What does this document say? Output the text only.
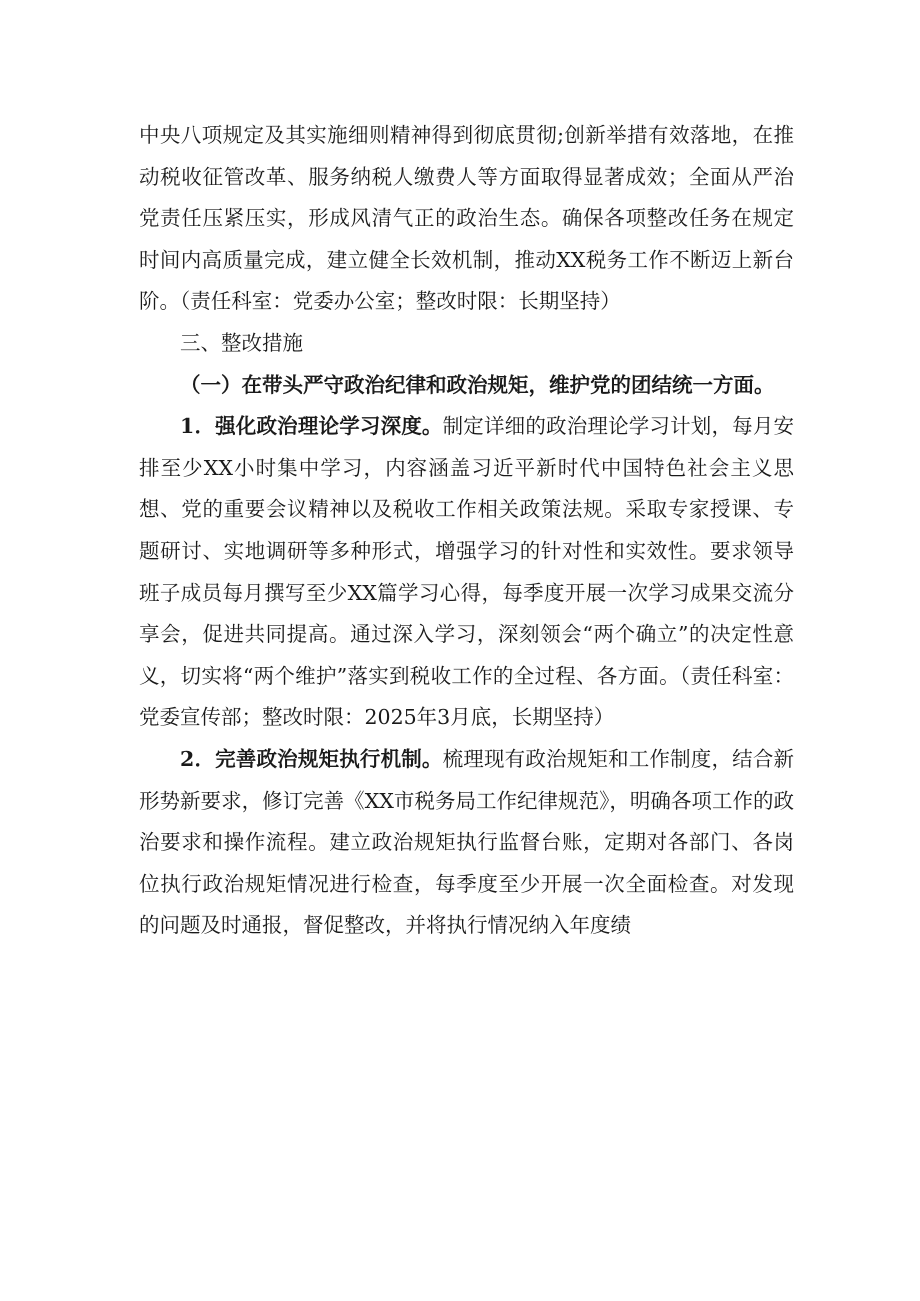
中央八项规定及其实施细则精神得到彻底贯彻;创新举措有效落地，在推动税收征管改革、服务纳税人缴费人等方面取得显著成效；全面从严治党责任压紧压实，形成风清气正的政治生态。确保各项整改任务在规定时间内高质量完成，建立健全长效机制，推动XX税务工作不断迈上新台阶。（责任科室：党委办公室；整改时限：长期坚持）

三、整改措施

（一）在带头严守政治纪律和政治规矩，维护党的团结统一方面。

1．强化政治理论学习深度。制定详细的政治理论学习计划，每月安排至少XX小时集中学习，内容涵盖习近平新时代中国特色社会主义思想、党的重要会议精神以及税收工作相关政策法规。采取专家授课、专题研讨、实地调研等多种形式，增强学习的针对性和实效性。要求领导班子成员每月撰写至少XX篇学习心得，每季度开展一次学习成果交流分享会，促进共同提高。通过深入学习，深刻领会“两个确立”的决定性意义，切实将“两个维护”落实到税收工作的全过程、各方面。（责任科室：党委宣传部；整改时限：2025年3月底，长期坚持）

2．完善政治规矩执行机制。梳理现有政治规矩和工作制度，结合新形势新要求，修订完善《XX市税务局工作纪律规范》，明确各项工作的政治要求和操作流程。建立政治规矩执行监督台账，定期对各部门、各岗位执行政治规矩情况进行检查，每季度至少开展一次全面检查。对发现的问题及时通报，督促整改，并将执行情况纳入年度绩
